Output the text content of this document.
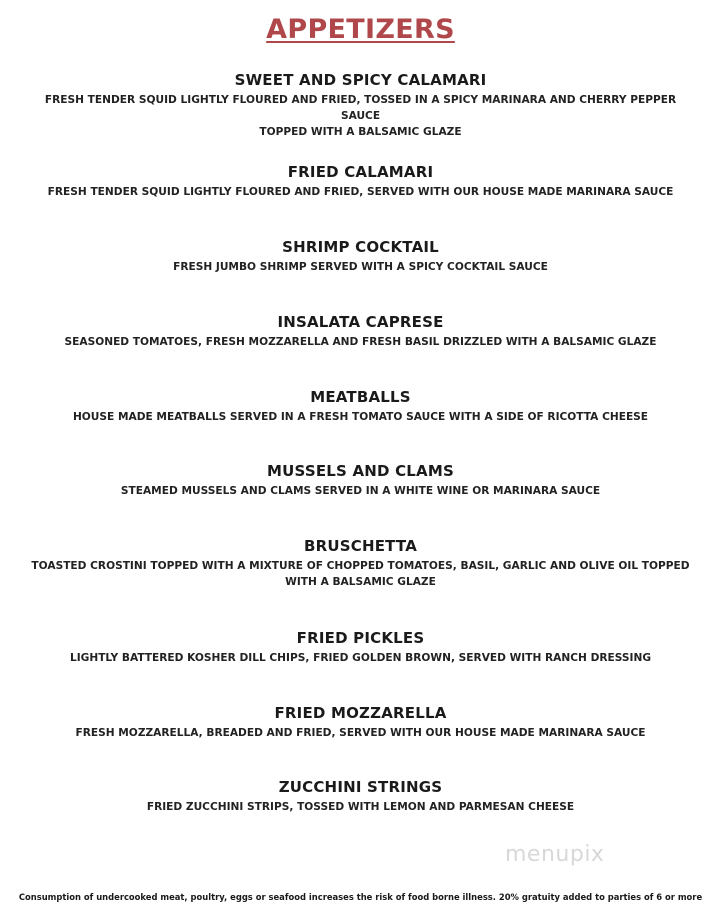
APPETIZERS
SWEET AND SPICY CALAMARI
FRESH TENDER SQUID LIGHTLY FLOURED AND FRIED, TOSSED IN A SPICY MARINARA AND CHERRY PEPPER SAUCE
TOPPED WITH A BALSAMIC GLAZE
FRIED CALAMARI
FRESH TENDER SQUID LIGHTLY FLOURED AND FRIED, SERVED WITH OUR HOUSE MADE MARINARA SAUCE
SHRIMP COCKTAIL
FRESH JUMBO SHRIMP SERVED WITH A SPICY COCKTAIL SAUCE
INSALATA CAPRESE
SEASONED TOMATOES, FRESH MOZZARELLA AND FRESH BASIL DRIZZLED WITH A BALSAMIC GLAZE
MEATBALLS
HOUSE MADE MEATBALLS SERVED IN A FRESH TOMATO SAUCE WITH A SIDE OF RICOTTA CHEESE
MUSSELS AND CLAMS
STEAMED MUSSELS AND CLAMS SERVED IN A WHITE WINE OR MARINARA SAUCE
BRUSCHETTA
TOASTED CROSTINI TOPPED WITH A MIXTURE OF CHOPPED TOMATOES, BASIL, GARLIC AND OLIVE OIL TOPPED
WITH A BALSAMIC GLAZE
FRIED PICKLES
LIGHTLY BATTERED KOSHER DILL CHIPS, FRIED GOLDEN BROWN, SERVED WITH RANCH DRESSING
FRIED MOZZARELLA
FRESH MOZZARELLA, BREADED AND FRIED, SERVED WITH OUR HOUSE MADE MARINARA SAUCE
ZUCCHINI STRINGS
FRIED ZUCCHINI STRIPS, TOSSED WITH LEMON AND PARMESAN CHEESE
menupix
Consumption of undercooked meat, poultry, eggs or seafood increases the risk of food borne illness. 20% gratuity added to parties of 6 or more
